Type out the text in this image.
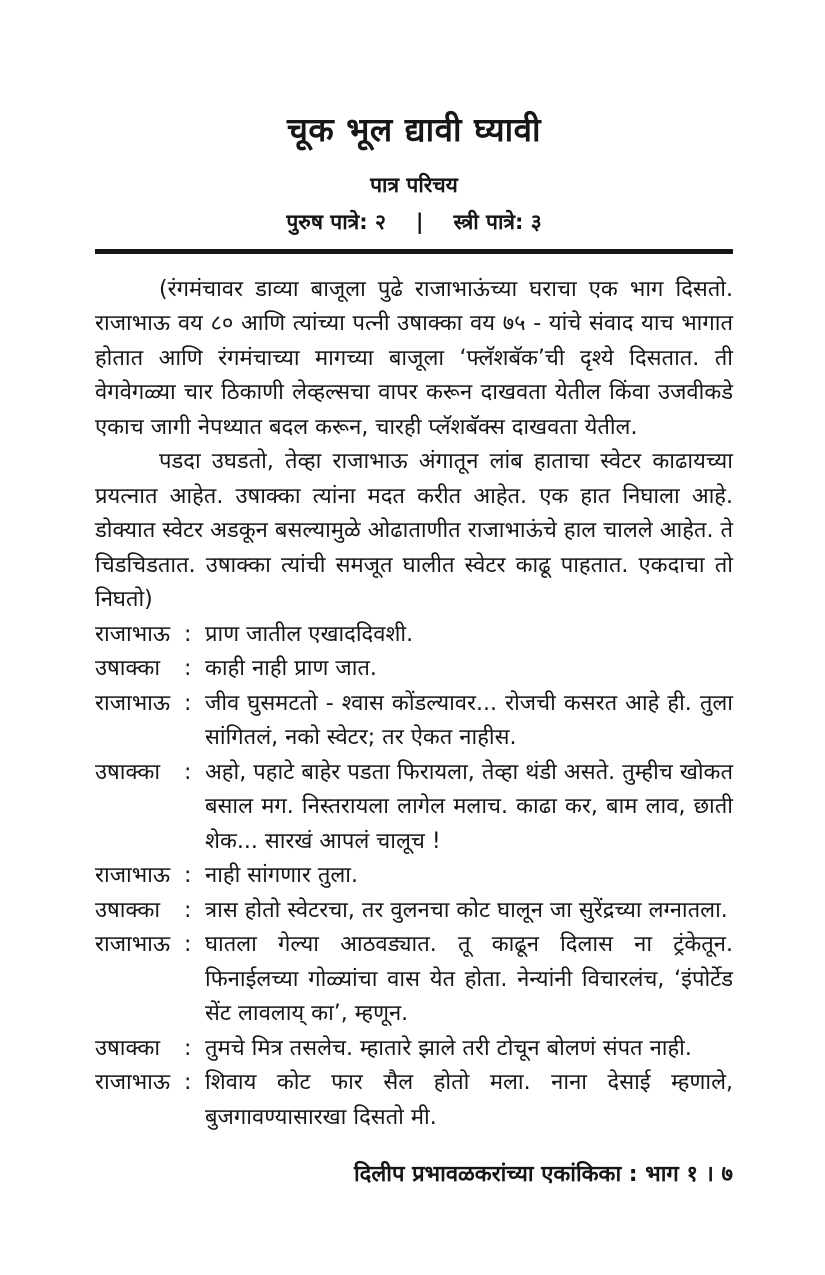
चूक भूल द्यावी घ्यावी
पात्र परिचय
पुरुष पात्रे: २ | स्त्री पात्रे: ३

(रंगमंचावर डाव्या बाजूला पुढे राजाभाऊंच्या घराचा एक भाग दिसतो. राजाभाऊ वय ८० आणि त्यांच्या पत्नी उषाक्का वय ७५ - यांचे संवाद याच भागात होतात आणि रंगमंचाच्या मागच्या बाजूला ‘फ्लॅशबॅक’ची दृश्ये दिसतात. ती वेगवेगळ्या चार ठिकाणी लेव्हल्सचा वापर करून दाखवता येतील किंवा उजवीकडे एकाच जागी नेपथ्यात बदल करून, चारही प्लॅशबॅक्स दाखवता येतील.

पडदा उघडतो, तेव्हा राजाभाऊ अंगातून लांब हाताचा स्वेटर काढायच्या प्रयत्नात आहेत. उषाक्का त्यांना मदत करीत आहेत. एक हात निघाला आहे. डोक्यात स्वेटर अडकून बसल्यामुळे ओढाताणीत राजाभाऊंचे हाल चालले आहेत. ते चिडचिडतात. उषाक्का त्यांची समजूत घालीत स्वेटर काढू पाहतात. एकदाचा तो निघतो)

राजाभाऊ : प्राण जातील एखाददिवशी.
उषाक्का	: काही नाही प्राण जात.
राजाभाऊ : जीव घुसमटतो - श्वास कोंडल्यावर... रोजची कसरत आहे ही. तुला सांगितलं, नको स्वेटर; तर ऐकत नाहीस.
उषाक्का	: अहो, पहाटे बाहेर पडता फिरायला, तेव्हा थंडी असते. तुम्हीच खोकत बसाल मग. निस्तरायला लागेल मलाच. काढा कर, बाम लाव, छाती शेक... सारखं आपलं चालूच !
राजाभाऊ : नाही सांगणार तुला.
उषाक्का	: त्रास होतो स्वेटरचा, तर वुलनचा कोट घालून जा सुरेंद्रच्या लग्नातला.
राजाभाऊ : घातला गेल्या आठवड्यात. तू काढून दिलास ना ट्रंकेतून. फिनाईलच्या गोळ्यांचा वास येत होता. नेन्यांनी विचारलंच, ‘इंपोर्टेड सेंट लावलाय् का’, म्हणून.
उषाक्का	: तुमचे मित्र तसलेच. म्हातारे झाले तरी टोचून बोलणं संपत नाही.
राजाभाऊ : शिवाय कोट फार सैल होतो मला. नाना देसाई म्हणाले, बुजगावण्यासारखा दिसतो मी.
दिलीप प्रभावळकरांच्या एकांकिका : भाग १ । ७
